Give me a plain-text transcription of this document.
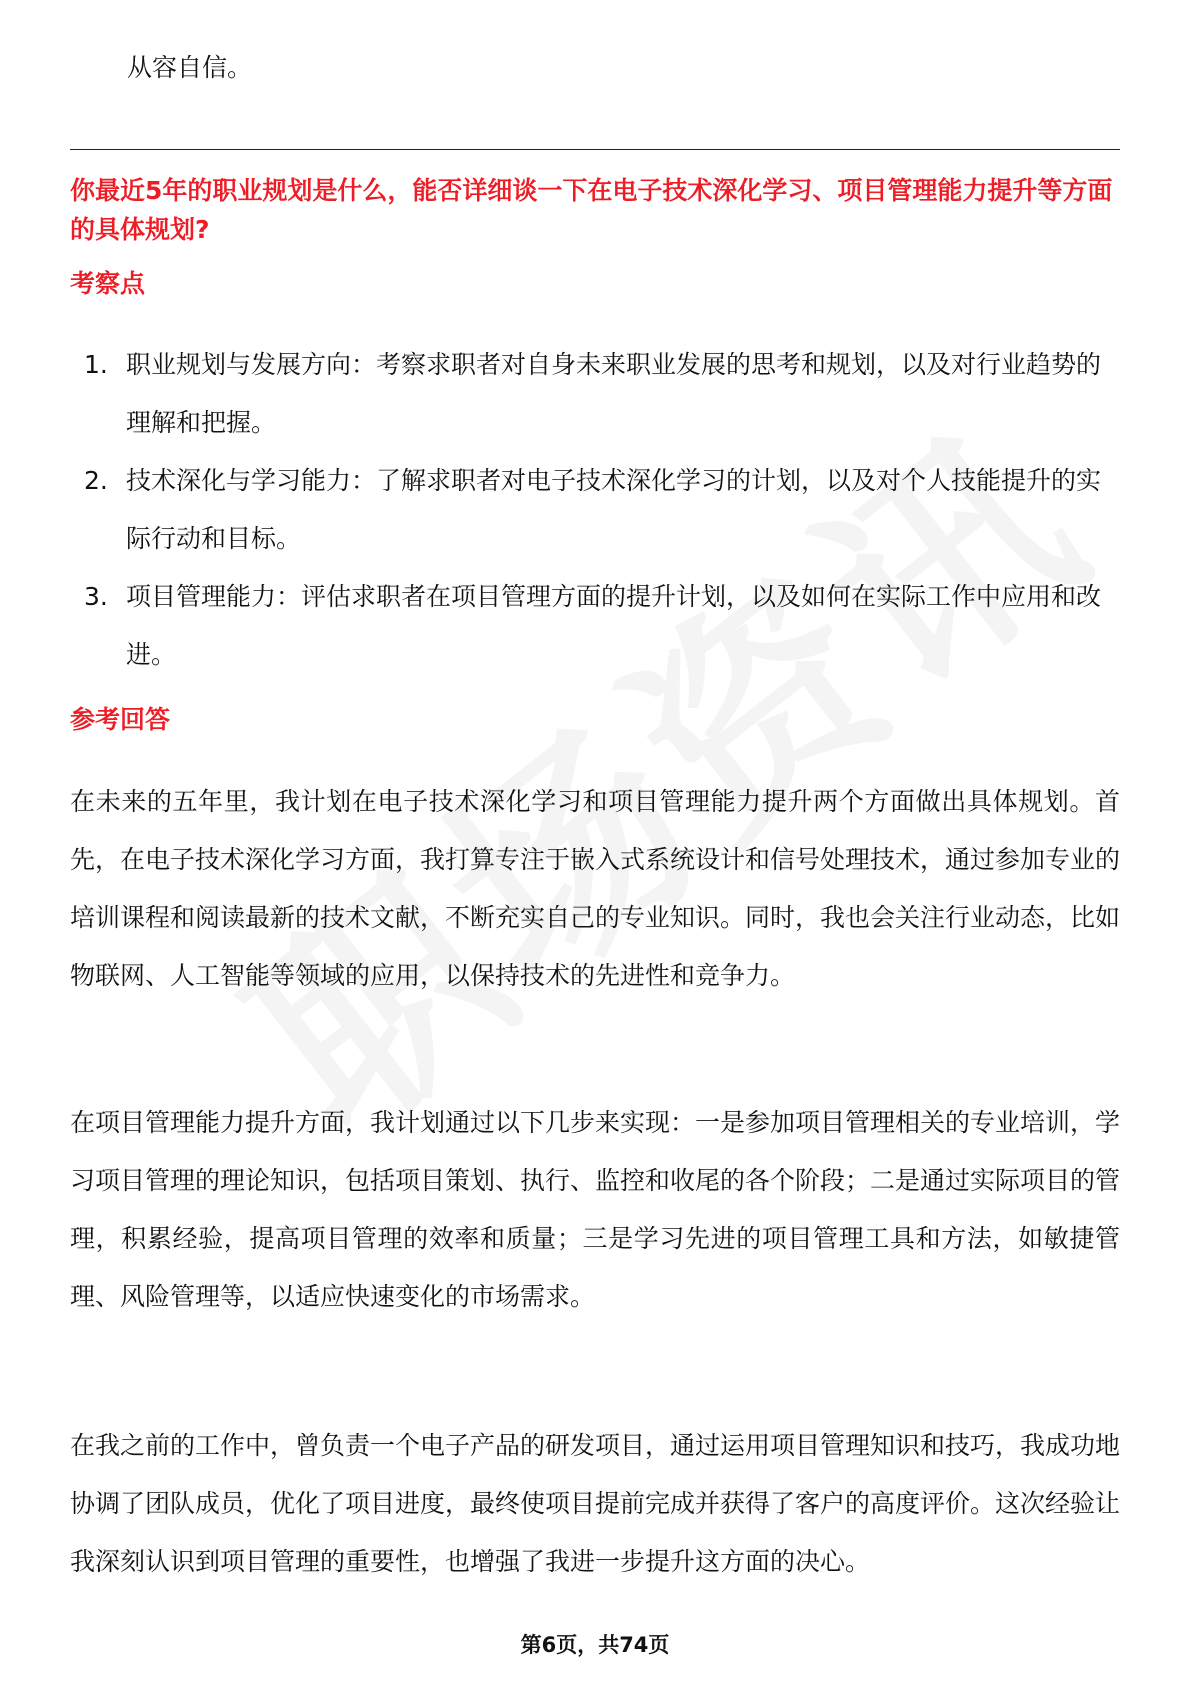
从容自信。

你最近5年的职业规划是什么，能否详细谈一下在电子技术深化学习、项目管理能力提升等方面的具体规划?

考察点

1. 职业规划与发展方向：考察求职者对自身未来职业发展的思考和规划，以及对行业趋势的理解和把握。
2. 技术深化与学习能力：了解求职者对电子技术深化学习的计划，以及对个人技能提升的实际行动和目标。
3. 项目管理能力：评估求职者在项目管理方面的提升计划，以及如何在实际工作中应用和改进。

参考回答

在未来的五年里，我计划在电子技术深化学习和项目管理能力提升两个方面做出具体规划。首先，在电子技术深化学习方面，我打算专注于嵌入式系统设计和信号处理技术，通过参加专业的培训课程和阅读最新的技术文献，不断充实自己的专业知识。同时，我也会关注行业动态，比如物联网、人工智能等领域的应用，以保持技术的先进性和竞争力。

在项目管理能力提升方面，我计划通过以下几步来实现：一是参加项目管理相关的专业培训，学习项目管理的理论知识，包括项目策划、执行、监控和收尾的各个阶段；二是通过实际项目的管理，积累经验，提高项目管理的效率和质量；三是学习先进的项目管理工具和方法，如敏捷管理、风险管理等，以适应快速变化的市场需求。

在我之前的工作中，曾负责一个电子产品的研发项目，通过运用项目管理知识和技巧，我成功地协调了团队成员，优化了项目进度，最终使项目提前完成并获得了客户的高度评价。这次经验让我深刻认识到项目管理的重要性，也增强了我进一步提升这方面的决心。

第6页，共74页
